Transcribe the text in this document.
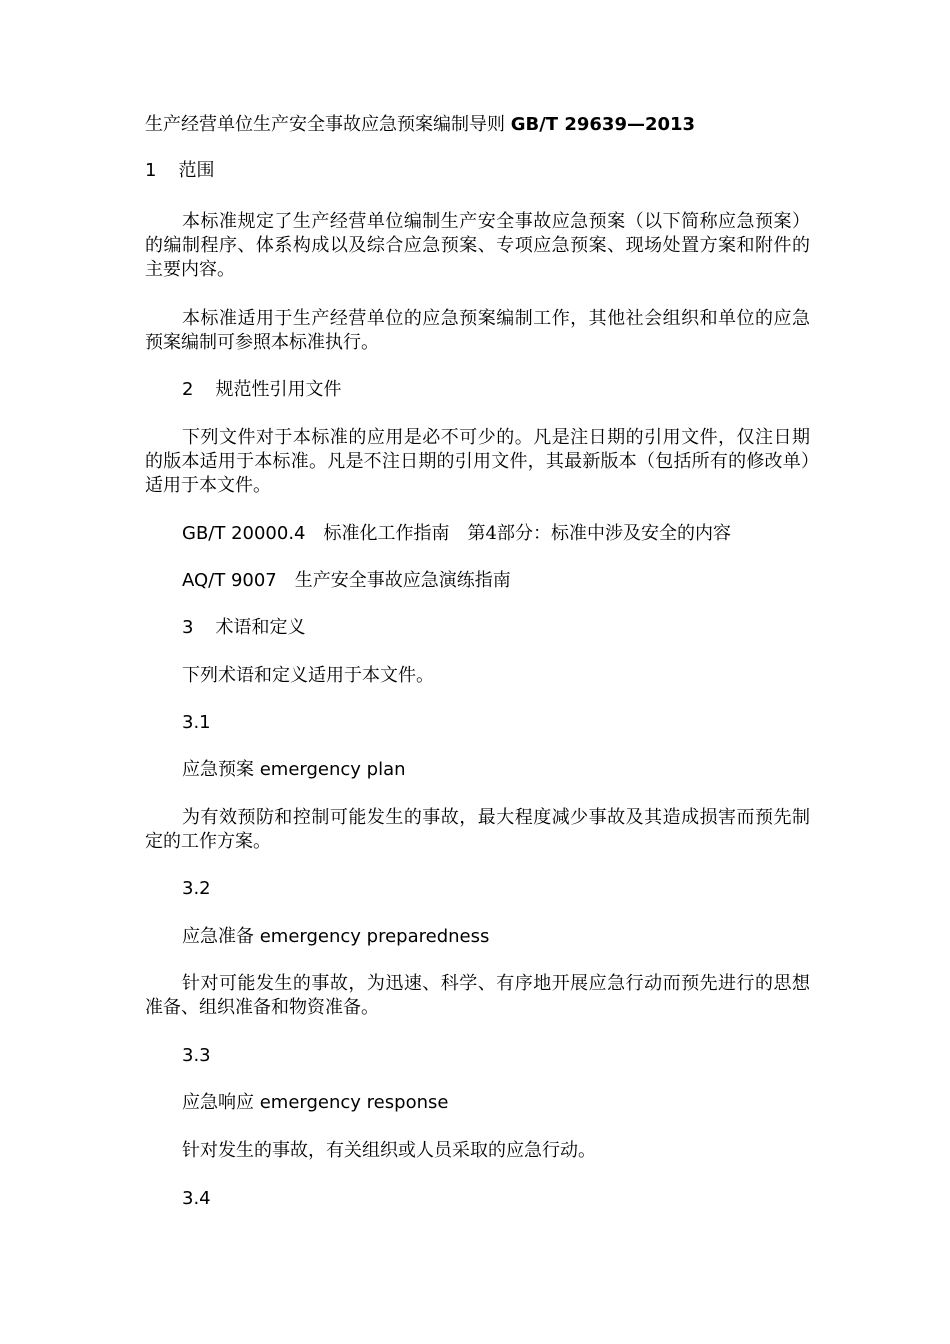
生产经营单位生产安全事故应急预案编制导则 GB/T 29639—2013
1 范围
本标准规定了生产经营单位编制生产安全事故应急预案（以下简称应急预案）的编制程序、体系构成以及综合应急预案、专项应急预案、现场处置方案和附件的主要内容。
本标准适用于生产经营单位的应急预案编制工作，其他社会组织和单位的应急预案编制可参照本标准执行。
2 规范性引用文件
下列文件对于本标准的应用是必不可少的。凡是注日期的引用文件，仅注日期的版本适用于本标准。凡是不注日期的引用文件，其最新版本（包括所有的修改单）适用于本文件。
GB/T 20000.4 标准化工作指南 第4部分：标准中涉及安全的内容
AQ/T 9007 生产安全事故应急演练指南
3 术语和定义
下列术语和定义适用于本文件。
3.1
应急预案 emergency plan
为有效预防和控制可能发生的事故，最大程度减少事故及其造成损害而预先制定的工作方案。
3.2
应急准备 emergency preparedness
针对可能发生的事故，为迅速、科学、有序地开展应急行动而预先进行的思想准备、组织准备和物资准备。
3.3
应急响应 emergency response
针对发生的事故，有关组织或人员采取的应急行动。
3.4
